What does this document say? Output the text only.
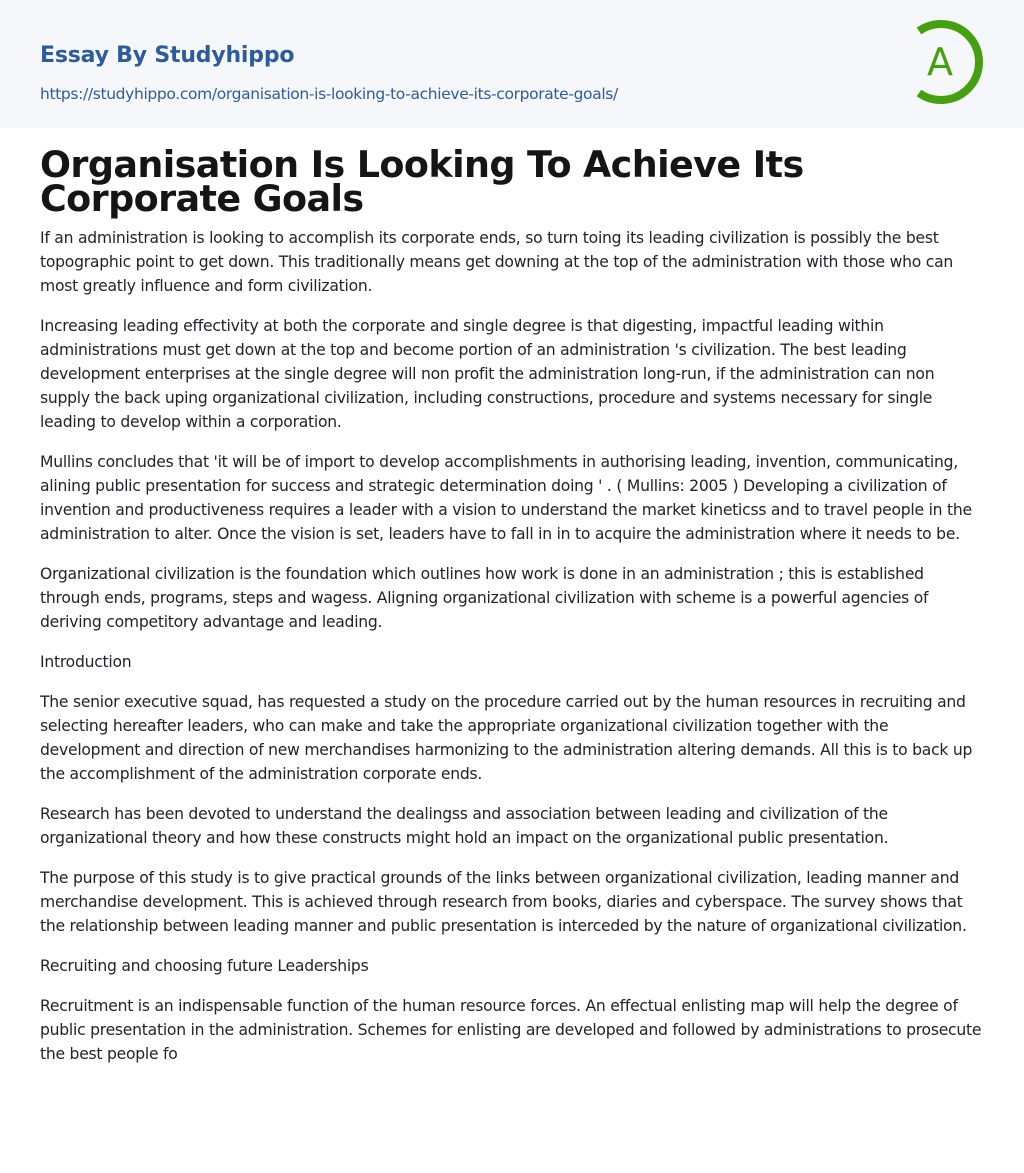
Essay By Studyhippo
https://studyhippo.com/organisation-is-looking-to-achieve-its-corporate-goals/
A
Organisation Is Looking To Achieve Its Corporate Goals

If an administration is looking to accomplish its corporate ends, so turn toing its leading civilization is possibly the best topographic point to get down. This traditionally means get downing at the top of the administration with those who can most greatly influence and form civilization.

Increasing leading effectivity at both the corporate and single degree is that digesting, impactful leading within administrations must get down at the top and become portion of an administration 's civilization. The best leading development enterprises at the single degree will non profit the administration long-run, if the administration can non supply the back uping organizational civilization, including constructions, procedure and systems necessary for single leading to develop within a corporation.

Mullins concludes that 'it will be of import to develop accomplishments in authorising leading, invention, communicating, alining public presentation for success and strategic determination doing ' . ( Mullins: 2005 ) Developing a civilization of invention and productiveness requires a leader with a vision to understand the market kineticss and to travel people in the administration to alter. Once the vision is set, leaders have to fall in in to acquire the administration where it needs to be.

Organizational civilization is the foundation which outlines how work is done in an administration ; this is established through ends, programs, steps and wagess. Aligning organizational civilization with scheme is a powerful agencies of deriving competitory advantage and leading.

Introduction

The senior executive squad, has requested a study on the procedure carried out by the human resources in recruiting and selecting hereafter leaders, who can make and take the appropriate organizational civilization together with the development and direction of new merchandises harmonizing to the administration altering demands. All this is to back up the accomplishment of the administration corporate ends.

Research has been devoted to understand the dealingss and association between leading and civilization of the organizational theory and how these constructs might hold an impact on the organizational public presentation.

The purpose of this study is to give practical grounds of the links between organizational civilization, leading manner and merchandise development. This is achieved through research from books, diaries and cyberspace. The survey shows that the relationship between leading manner and public presentation is interceded by the nature of organizational civilization.

Recruiting and choosing future Leaderships

Recruitment is an indispensable function of the human resource forces. An effectual enlisting map will help the degree of public presentation in the administration. Schemes for enlisting are developed and followed by administrations to prosecute the best people fo
